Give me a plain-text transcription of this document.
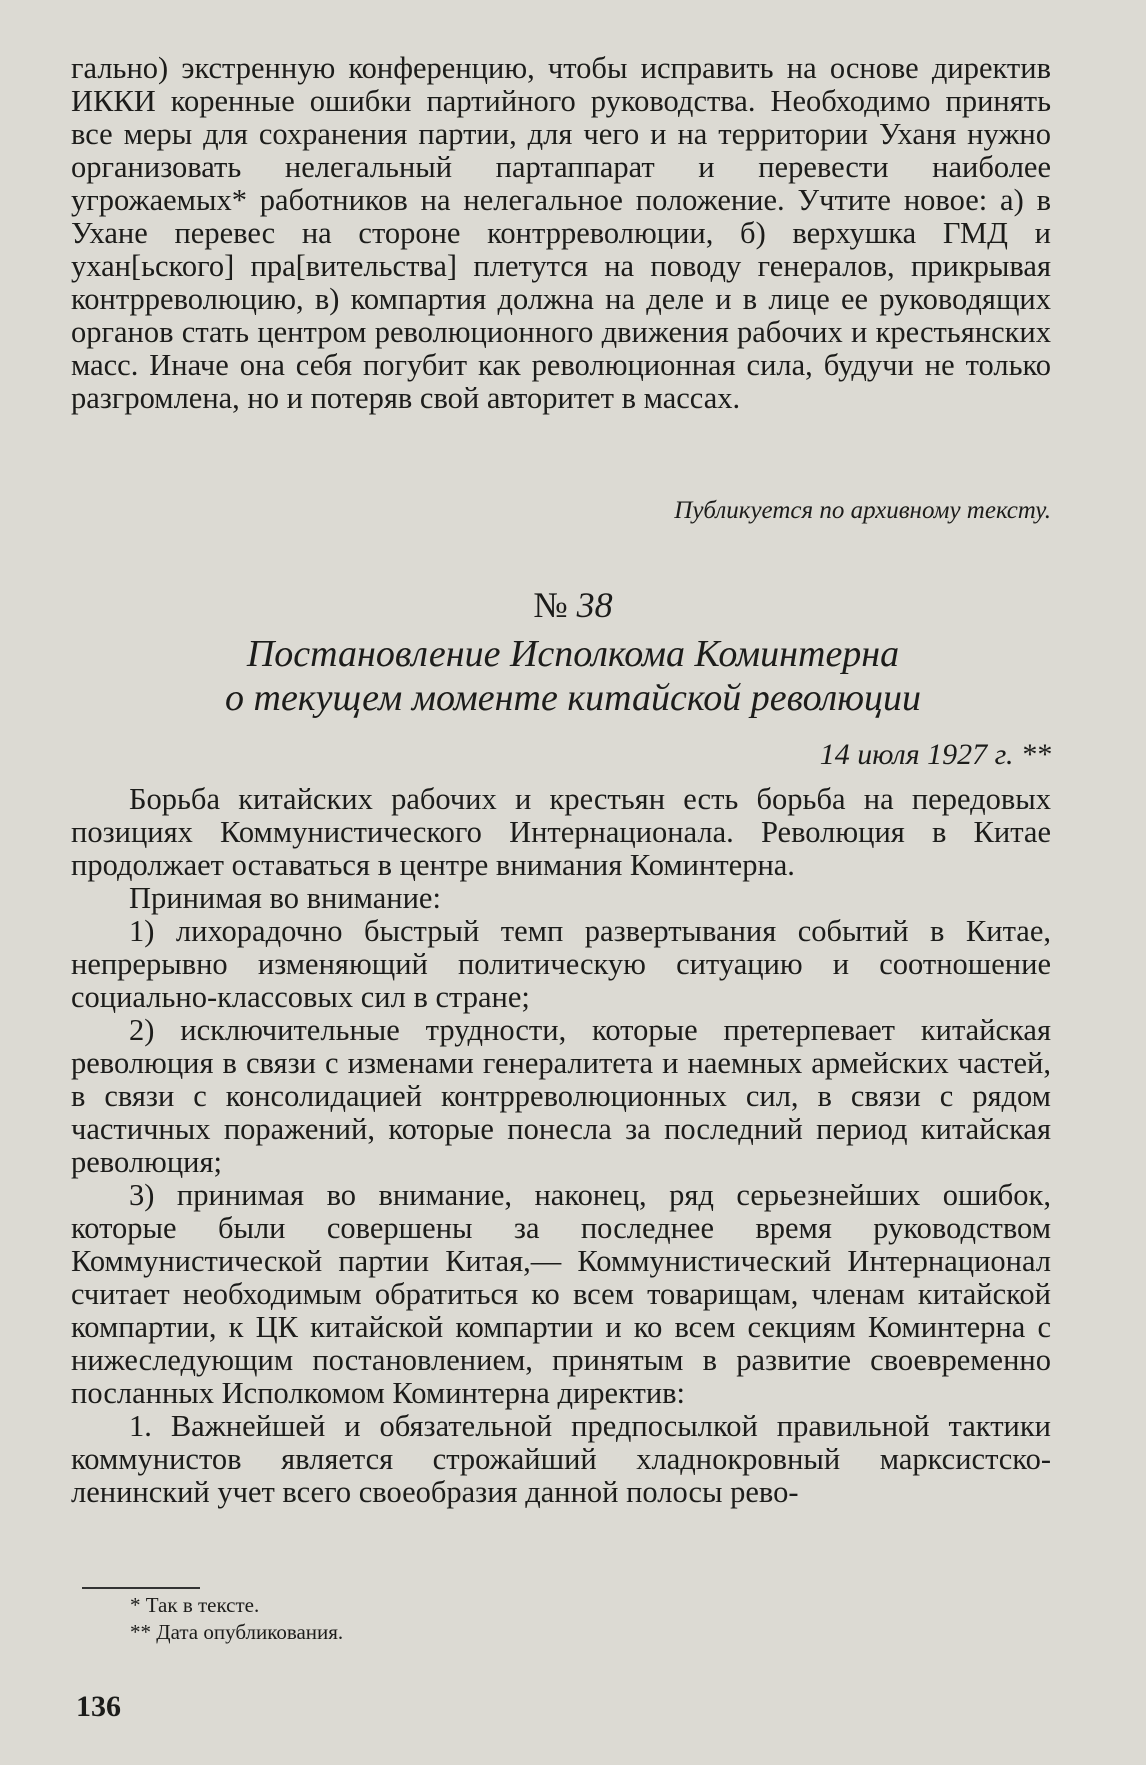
гально) экстренную конференцию, чтобы исправить на основе директив ИККИ коренные ошибки партийного руководства. Необходимо принять все меры для сохранения партии, для чего и на территории Уханя нужно организовать нелегальный партаппарат и перевести наиболее угрожаемых* работников на нелегальное положение. Учтите новое: а) в Ухане перевес на стороне контрреволюции, б) верхушка ГМД и ухан[ьского] пра[вительства] плетутся на поводу генералов, прикрывая контрреволюцию, в) компартия должна на деле и в лице ее руководящих органов стать центром революционного движения рабочих и крестьянских масс. Иначе она себя погубит как революционная сила, будучи не только разгромлена, но и потеряв свой авторитет в массах.

Публикуется по архивному тексту.
№ 38
Постановление Исполкома Коминтерна
о текущем моменте китайской революции
14 июля 1927 г. **

Борьба китайских рабочих и крестьян есть борьба на передовых позициях Коммунистического Интернационала. Революция в Китае продолжает оставаться в центре внимания Коминтерна.

Принимая во внимание:

1) лихорадочно быстрый темп развертывания событий в Китае, непрерывно изменяющий политическую ситуацию и соотношение социально-классовых сил в стране;

2) исключительные трудности, которые претерпевает китайская революция в связи с изменами генералитета и наемных армейских частей, в связи с консолидацией контрреволюционных сил, в связи с рядом частичных поражений, которые понесла за последний период китайская революция;

3) принимая во внимание, наконец, ряд серьезнейших ошибок, которые были совершены за последнее время руководством Коммунистической партии Китая,— Коммунистический Интернационал считает необходимым обратиться ко всем товарищам, членам китайской компартии, к ЦК китайской компартии и ко всем секциям Коминтерна с нижеследующим постановлением, принятым в развитие своевременно посланных Исполкомом Коминтерна директив:

1. Важнейшей и обязательной предпосылкой правильной тактики коммунистов является строжайший хладнокровный марксистско-ленинский учет всего своеобразия данной полосы рево-

* Так в тексте.
** Дата опубликования.
136
